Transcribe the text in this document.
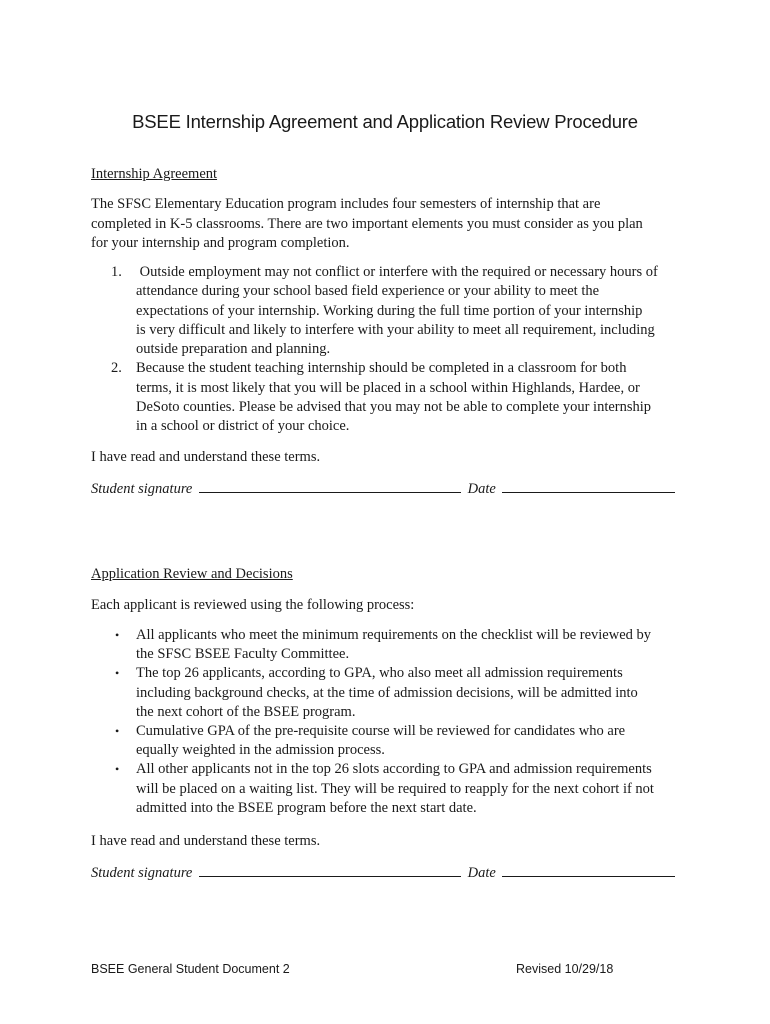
BSEE Internship Agreement and Application Review Procedure
Internship Agreement
The SFSC Elementary Education program includes four semesters of internship that are
completed in K-5 classrooms. There are two important elements you must consider as you plan
for your internship and program completion.
1. Outside employment may not conflict or interfere with the required or necessary hours of
attendance during your school based field experience or your ability to meet the
expectations of your internship. Working during the full time portion of your internship
is very difficult and likely to interfere with your ability to meet all requirement, including
outside preparation and planning.
2. Because the student teaching internship should be completed in a classroom for both
terms, it is most likely that you will be placed in a school within Highlands, Hardee, or
DeSoto counties. Please be advised that you may not be able to complete your internship
in a school or district of your choice.
I have read and understand these terms.
Student signature	Date
Application Review and Decisions
Each applicant is reviewed using the following process:
• All applicants who meet the minimum requirements on the checklist will be reviewed by
the SFSC BSEE Faculty Committee.
• The top 26 applicants, according to GPA, who also meet all admission requirements
including background checks, at the time of admission decisions, will be admitted into
the next cohort of the BSEE program.
• Cumulative GPA of the pre-requisite course will be reviewed for candidates who are
equally weighted in the admission process.
• All other applicants not in the top 26 slots according to GPA and admission requirements
will be placed on a waiting list. They will be required to reapply for the next cohort if not
admitted into the BSEE program before the next start date.
I have read and understand these terms.
Student signature	Date
BSEE General Student Document 2	Revised 10/29/18
